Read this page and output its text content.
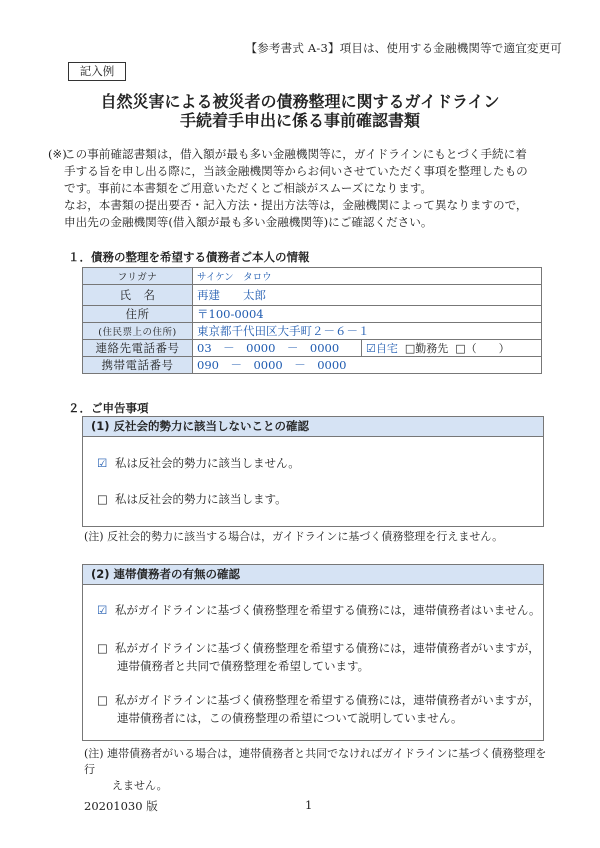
【参考書式 A-3】項目は、使用する金融機関等で適宜変更可
記入例
自然災害による被災者の債務整理に関するガイドライン
手続着手申出に係る事前確認書類
(※)
この事前確認書類は，借入額が最も多い金融機関等に，ガイドラインにもとづく手続に着
手する旨を申し出る際に，当該金融機関等からお伺いさせていただく事項を整理したもの
です。事前に本書類をご用意いただくとご相談がスムーズになります。
なお，本書類の提出要否・記入方法・提出方法等は，金融機関によって異なりますので，
申出先の金融機関等(借入額が最も多い金融機関等)にご確認ください。
１．債務の整理を希望する債務者ご本人の情報
フリガナ	サイケン　タロウ	
氏　名	再建　　太郎	
住所	〒100-0004	
(住民票上の住所)	東京都千代田区大手町２－６－１	
連絡先電話番号	03　－　0000　－　0000	☑自宅 □勤務先 □（　　）
携帯電話番号	090　－　0000　－　0000	
２．ご申告事項
(1) 反社会的勢力に該当しないことの確認
☑ 私は反社会的勢力に該当しません。
□ 私は反社会的勢力に該当します。
(注) 反社会的勢力に該当する場合は，ガイドラインに基づく債務整理を行えません。
(2) 連帯債務者の有無の確認
☑ 私がガイドラインに基づく債務整理を希望する債務には，連帯債務者はいません。
□ 私がガイドラインに基づく債務整理を希望する債務には，連帯債務者がいますが，
連帯債務者と共同で債務整理を希望しています。
□ 私がガイドラインに基づく債務整理を希望する債務には，連帯債務者がいますが，
連帯債務者には，この債務整理の希望について説明していません。
(注) 連帯債務者がいる場合は，連帯債務者と共同でなければガイドラインに基づく債務整理を行
えません。
20201030 版	1
